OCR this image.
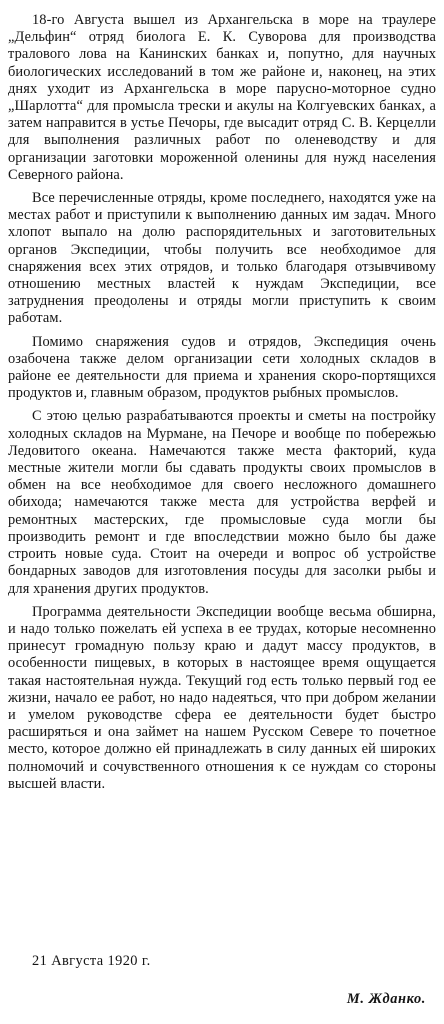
18-го Августа вышел из Архангельска в море на траулере „Дельфин“ отряд биолога Е. К. Суворова для производства тралового лова на Канинских банках и, попутно, для научных биологических исследований в том же районе и, наконец, на этих днях уходит из Архангельска в море парусно-моторное судно „Шарлотта“ для промысла трески и акулы на Колгуевских банках, а затем направится в устье Печоры, где высадит отряд С. В. Керцелли для выполнения различных работ по оленеводству и для организации заготовки мороженной оленины для нужд населения Северного района.

Все перечисленные отряды, кроме последнего, находятся уже на местах работ и приступили к выполнению данных им задач. Много хлопот выпало на долю распорядительных и заготовительных органов Экспедиции, чтобы получить все необходимое для снаряжения всех этих отрядов, и только благодаря отзывчивому отношению местных властей к нуждам Экспедиции, все затруднения преодолены и отряды могли приступить к своим работам.

Помимо снаряжения судов и отрядов, Экспедиция очень озабочена также делом организации сети холодных складов в районе ее деятельности для приема и хранения скоро-портящихся продуктов и, главным образом, продуктов рыбных промыслов.

С этою целью разрабатываются проекты и сметы на постройку холодных складов на Мурмане, на Печоре и вообще по побережью Ледовитого океана. Намечаются также места факторий, куда местные жители могли бы сдавать продукты своих промыслов в обмен на все необходимое для своего несложного домашнего обихода; намечаются также места для устройства верфей и ремонтных мастерских, где промысловые суда могли бы производить ремонт и где впоследствии можно было бы даже строить новые суда. Стоит на очереди и вопрос об устройстве бондарных заводов для изготовления посуды для засолки рыбы и для хранения других продуктов.

Программа деятельности Экспедиции вообще весьма обширна, и надо только пожелать ей успеха в ее трудах, которые несомненно принесут громадную пользу краю и дадут массу продуктов, в особенности пищевых, в которых в настоящее время ощущается такая настоятельная нужда. Текущий год есть только первый год ее жизни, начало ее работ, но надо надеяться, что при добром желании и умелом руководстве сфера ее деятельности будет быстро расширяться и она займет на нашем Русском Севере то почетное место, которое должно ей принадлежать в силу данных ей широких полномочий и сочувственного отношения к се нуждам со стороны высшей власти.

21 Августа 1920 г.
М. Жданко.
